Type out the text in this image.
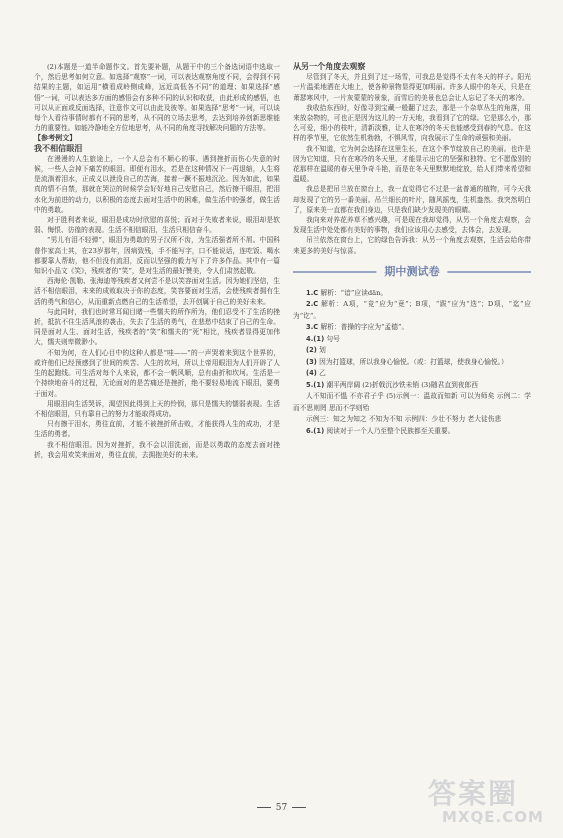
(2)本题是一道半命题作文。首先要补题，从题干中的三个备选词语中选取一个，然后思考如何立意。如选择“观察”一词，可以表达观察角度不同，会得到不同结果的主题，如运用“横看成岭侧成峰，远近高低各不同”的道理；如果选择“感悟”一词，可以表达多方面的感悟会有多种不同的认识和收获，由此形成的感悟，也可以从正面或反面选择，注意作文可以由此及彼等。如果选择“思考”一词，可以谈每个人看待事情时都有不同的思考，从不同的立场去思考，去达到培养创新思维能力的重要性。如能冷静地全方位地思考，从不同的角度寻找解决问题的方法等。

【参考例文】

我不相信眼泪

在漫漫的人生旅途上，一个人总会有不顺心的事。遇到挫折而伤心失意的时候，一些人会掉下痛苦的眼泪。即便有泪水，若是在这种情况下一再退缩，人生将是流淌着泪水，正成义以泄没自己的苦海，接着一蹶不振地沉沦。因为如此，如果真的情不自禁，那就在哭泣的时候学会好好地自己安慰自己，然后擦干眼泪，把泪水化为前进的动力，以积极的态度去面对生活中的困难，做生活中的强者，做生活中的勇敢。

对于胜利者来说，眼泪是成功时欣慰的喜悦；而对于失败者来说，眼泪却是软弱、悔恨、彷徨的表现。生活不相信眼泪，生活只相信奋斗。

“男儿有泪不轻弹”，眼泪为勇敢的男子汉所不齿，为生活强者所不屑。中国科普作家高士其，在23岁那年，因病致残，手不能写字，口不能说话，连吃饭、喝水都要靠人帮助，他不但没有流泪，反而以坚强的毅力写下了许多作品。其中有一篇知识小品文《笑》，残疾者的“笑”，是对生活的最好赞美，令人们肃然起敬。

西海伦·凯勒、张海迪等残疾者又何尝不是以笑容面对生活。因为她们坚信，生活不相信眼泪，未来的成败取决于你的态度，笑容要面对生活，会使残疾者拥有生活的勇气和信心，从而重新点燃自己的生活希望，去开创属于自己的美好未来。

与此同时，我们也时常耳闻目睹一些懦夫的所作所为，他们忍受不了生活的挫折，抵抗不住生活风浪的袭击，失去了生活的勇气，在悲愁中结束了自己的生命。同是面对人生、面对生活，残疾者的“笑”和懦夫的“死”相比，残疾者显得更加伟大，懦夫则卑微渺小。

不知为何，在人们心目中的这种人都是“哇——”的一声哭着来到这个世界的，或许他们已经预感到了世间的疾苦、人生的坎坷，所以上帝用眼泪为人们开辟了人生的起跑线。可生活对每个人来说，都不会一帆风顺，总有曲折和坎坷。生活是一个持续地奋斗的过程，无论面对的是苦痛还是挫折，绝不要轻易地流下眼泪，要勇于面对。

用眼泪向生活哭诉，渴望因此得到上天的怜悯，那只是懦夫的懦弱表现。生活不相信眼泪，只有靠自己的努力才能取得成功。

只有擦干泪水，勇往直前，才能不被挫折所击败，才能获得人生的成功，才是生活的勇者。

我不相信眼泪。因为对挫折，我不会以泪洗面，而是以勇敢的态度去面对挫折，我会用欢笑来面对，勇往直前，去拥抱美好的未来。

从另一个角度去观察

尽管到了冬天，并且到了过一场雪，可我总是觉得不太有冬天的样子。阳光一片温柔地洒在大地上，使各种景物显得更加明丽。许多人眼中的冬天，只是在萧瑟寒风中，一片灰蒙蒙的景象，而雪后的美景也总会让人忘记了冬天的寒冷。

我收拾东西时，好像寻到宝藏一般翻了过去，那是一个杂草丛生的角落，用来放杂物的，可也正是因为这儿的一方天地，我看到了它的绿。它是那么小，那么可爱，细小的枝叶，清新淡雅，让人在寒冷的冬天也能感受到春的气息。在这样的季节里，它依然生机勃勃，不惧风雪，向我展示了生命的顽强和美丽。

我不知道，它为何会选择在这里生长，在这个季节绽放自己的美丽。也许是因为它知道，只有在寒冷的冬天里，才能显示出它的坚强和独特。它不愿像别的花那样在温暖的春天里争奇斗艳，而是在冬天里默默地绽放，给人们带来希望和温暖。

我总是把吊兰放在窗台上，我一直觉得它不过是一盆普通的植物，可今天我却发现了它的另一番美丽。吊兰细长的叶片，随风摇曳，生机盎然。我突然明白了，原来美一直都在我们身边，只是我们缺少发现美的眼睛。

我向来对养花养草不感兴趣，可是现在我却觉得，从另一个角度去观察，会发现生活中处处都有美好的事物，我们应该用心去感受，去体会，去发现。

吊兰依然在窗台上，它的绿色告诉我：从另一个角度去观察，生活会给你带来更多的美好与惊喜。

期中测试卷

1.C 解析：“谙”应读dān。

2.C 解析：A项，“竞”应为“竟”；B项，“跋”应为“迭”；D项，“迄”应为“讫”。

3.C 解析：普操的字应为“孟德”。

4.(1) 句号

(2) 划

(3) 因为打篮球，所以我身心愉悦。（或：打篮球，使我身心愉悦。）

(4) 乙

5.(1) 潮平两岸阔 (2)折戟沉沙铁未销 (3)随君直到夜郎西

人不知而不愠 不亦君子乎 (5)示例一：温故而知新 可以为师矣 示例二：学而不思则罔 思而不学则殆

示例三：知之为知之 不知为不知 示例四：少壮不努力 老大徒伤悲

6.(1) 阅读对于一个人乃至整个民族都至关重要。

57	答案圈
MXQE.COM
